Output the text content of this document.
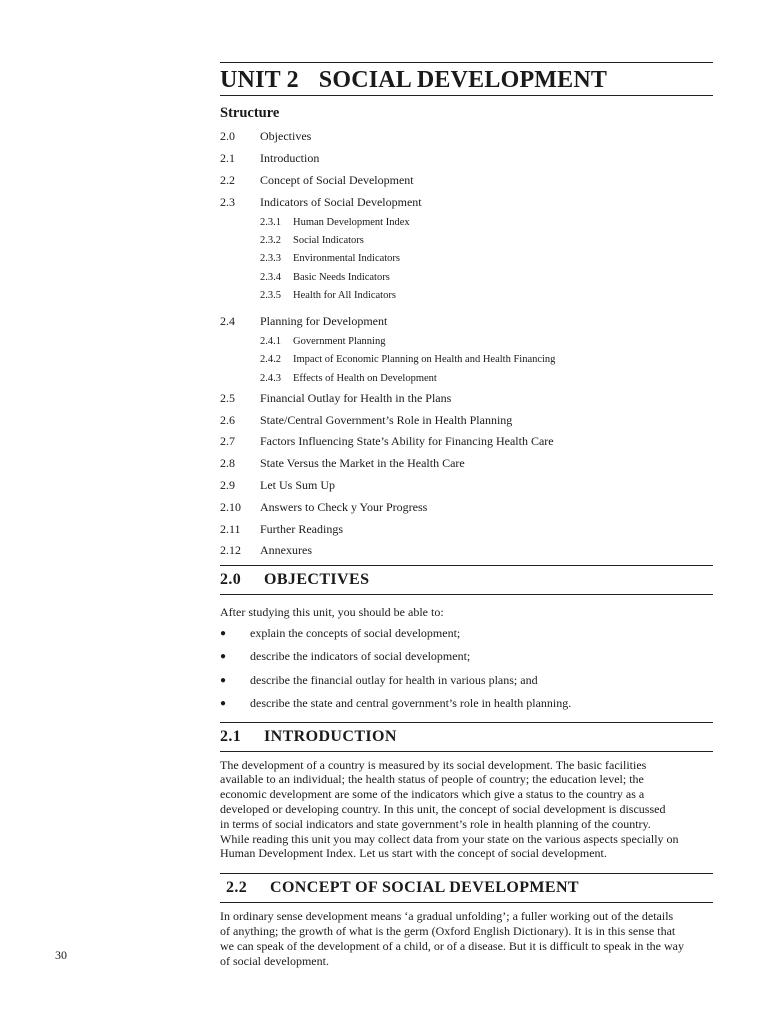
UNIT 2 SOCIAL DEVELOPMENT
Structure
2.0	Objectives
2.1	Introduction
2.2	Concept of Social Development
2.3	Indicators of Social Development
2.3.1	Human Development Index
2.3.2	Social Indicators
2.3.3	Environmental Indicators
2.3.4	Basic Needs Indicators
2.3.5	Health for All Indicators
2.4	Planning for Development
2.4.1	Government Planning
2.4.2	Impact of Economic Planning on Health and Health Financing
2.4.3	Effects of Health on Development
2.5	Financial Outlay for Health in the Plans
2.6	State/Central Government’s Role in Health Planning
2.7	Factors Influencing State’s Ability for Financing Health Care
2.8	State Versus the Market in the Health Care
2.9	Let Us Sum Up
2.10	Answers to Check y Your Progress
2.11	Further Readings
2.12	Annexures
2.0 OBJECTIVES

After studying this unit, you should be able to:

●	explain the concepts of social development;
●	describe the indicators of social development;
●	describe the financial outlay for health in various plans; and
●	describe the state and central government’s role in health planning.
2.1 INTRODUCTION

The development of a country is measured by its social development. The basic facilities

available to an individual; the health status of people of country; the education level; the

economic development are some of the indicators which give a status to the country as a

developed or developing country. In this unit, the concept of social development is discussed

in terms of social indicators and state government’s role in health planning of the country.

While reading this unit you may collect data from your state on the various aspects specially on

Human Development Index. Let us start with the concept of social development.

2.2 CONCEPT OF SOCIAL DEVELOPMENT

In ordinary sense development means ‘a gradual unfolding’; a fuller working out of the details

of anything; the growth of what is the germ (Oxford English Dictionary). It is in this sense that

we can speak of the development of a child, or of a disease. But it is difficult to speak in the way

of social development.

30
